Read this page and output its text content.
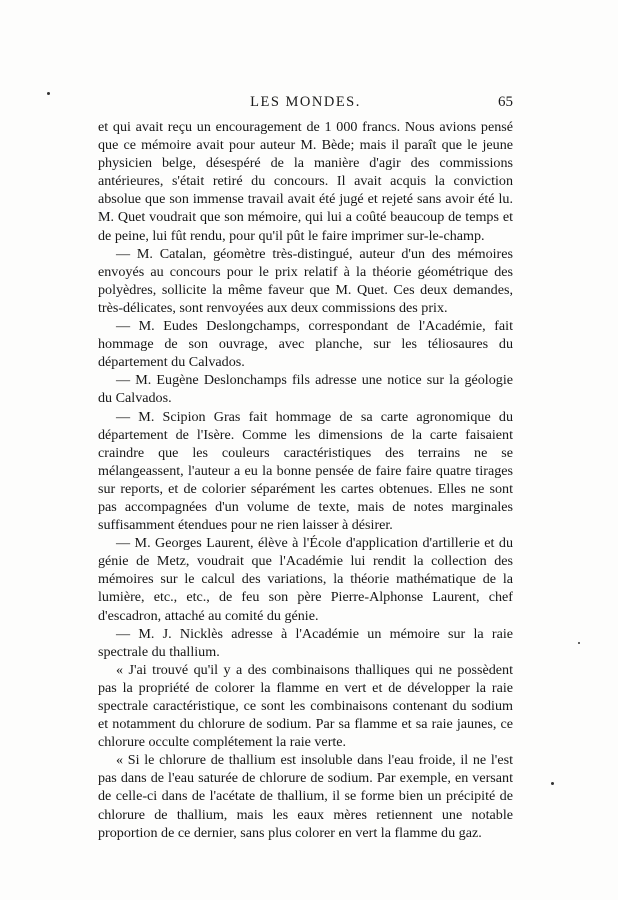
LES MONDES.	65

et qui avait reçu un encouragement de 1 000 francs. Nous avions pensé que ce mémoire avait pour auteur M. Bède; mais il paraît que le jeune physicien belge, désespéré de la manière d'agir des commissions antérieures, s'était retiré du concours. Il avait acquis la conviction absolue que son immense travail avait été jugé et rejeté sans avoir été lu. M. Quet voudrait que son mémoire, qui lui a coûté beaucoup de temps et de peine, lui fût rendu, pour qu'il pût le faire imprimer sur-le-champ.

— M. Catalan, géomètre très-distingué, auteur d'un des mémoires envoyés au concours pour le prix relatif à la théorie géométrique des polyèdres, sollicite la même faveur que M. Quet. Ces deux demandes, très-délicates, sont renvoyées aux deux commissions des prix.

— M. Eudes Deslongchamps, correspondant de l'Académie, fait hommage de son ouvrage, avec planche, sur les téliosaures du département du Calvados.

— M. Eugène Deslonchamps fils adresse une notice sur la géologie du Calvados.

— M. Scipion Gras fait hommage de sa carte agronomique du département de l'Isère. Comme les dimensions de la carte faisaient craindre que les couleurs caractéristiques des terrains ne se mélangeassent, l'auteur a eu la bonne pensée de faire faire quatre tirages sur reports, et de colorier séparément les cartes obtenues. Elles ne sont pas accompagnées d'un volume de texte, mais de notes marginales suffisamment étendues pour ne rien laisser à désirer.

— M. Georges Laurent, élève à l'École d'application d'artillerie et du génie de Metz, voudrait que l'Académie lui rendit la collection des mémoires sur le calcul des variations, la théorie mathématique de la lumière, etc., etc., de feu son père Pierre-Alphonse Laurent, chef d'escadron, attaché au comité du génie.

— M. J. Nicklès adresse à l'Académie un mémoire sur la raie spectrale du thallium.

« J'ai trouvé qu'il y a des combinaisons thalliques qui ne possèdent pas la propriété de colorer la flamme en vert et de développer la raie spectrale caractéristique, ce sont les combinaisons contenant du sodium et notamment du chlorure de sodium. Par sa flamme et sa raie jaunes, ce chlorure occulte complétement la raie verte.

« Si le chlorure de thallium est insoluble dans l'eau froide, il ne l'est pas dans de l'eau saturée de chlorure de sodium. Par exemple, en versant de celle-ci dans de l'acétate de thallium, il se forme bien un précipité de chlorure de thallium, mais les eaux mères retiennent une notable proportion de ce dernier, sans plus colorer en vert la flamme du gaz.
